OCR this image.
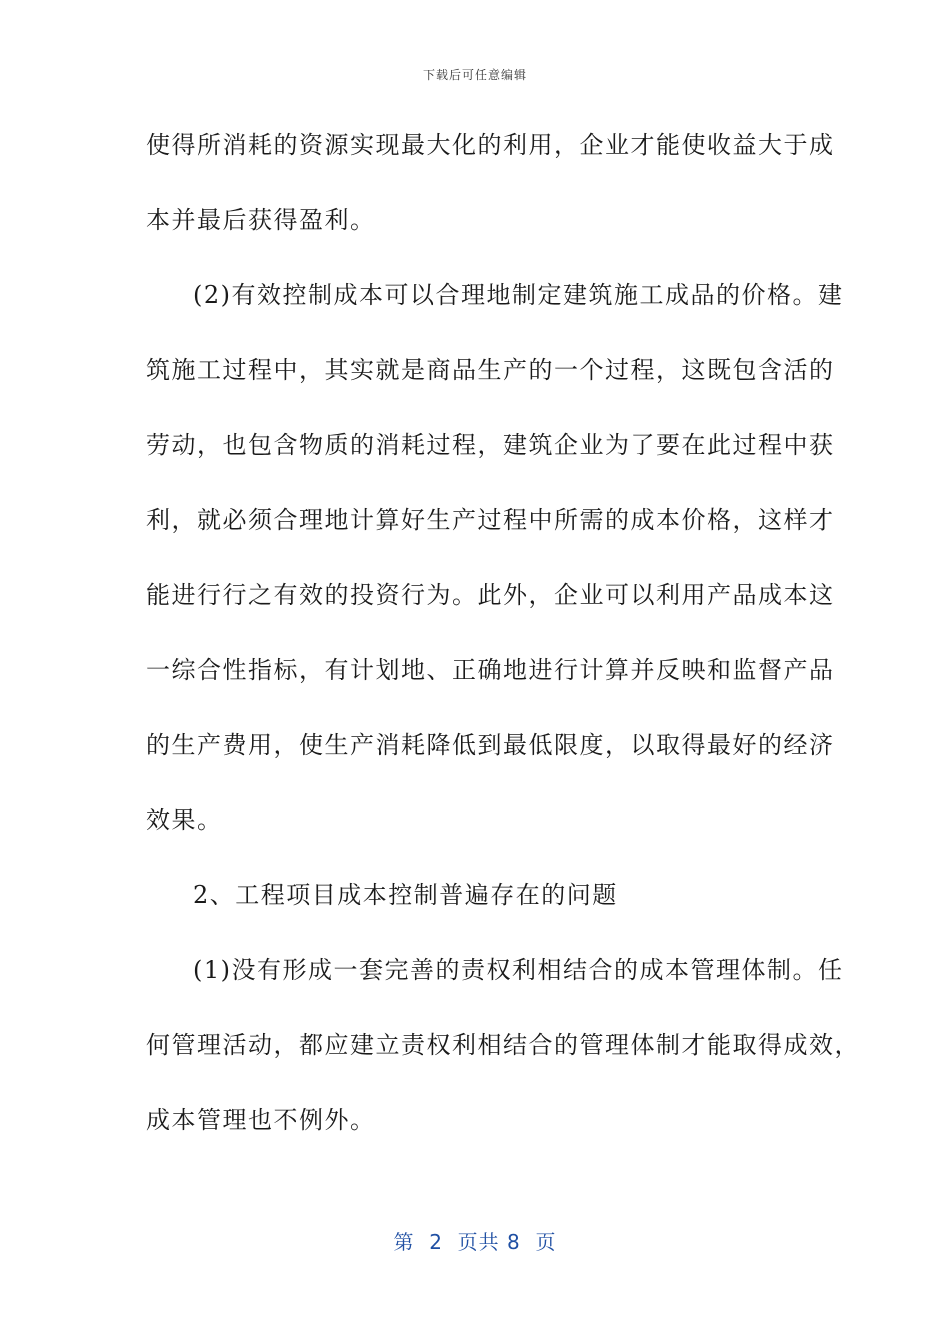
下载后可任意编辑
使得所消耗的资源实现最大化的利用，企业才能使收益大于成
本并最后获得盈利。
(2)有效控制成本可以合理地制定建筑施工成品的价格。建
筑施工过程中，其实就是商品生产的一个过程，这既包含活的
劳动，也包含物质的消耗过程，建筑企业为了要在此过程中获
利，就必须合理地计算好生产过程中所需的成本价格，这样才
能进行行之有效的投资行为。此外，企业可以利用产品成本这
一综合性指标，有计划地、正确地进行计算并反映和监督产品
的生产费用，使生产消耗降低到最低限度，以取得最好的经济
效果。
2、工程项目成本控制普遍存在的问题
(1)没有形成一套完善的责权利相结合的成本管理体制。任
何管理活动，都应建立责权利相结合的管理体制才能取得成效，
成本管理也不例外。
第  2  页共 8  页
